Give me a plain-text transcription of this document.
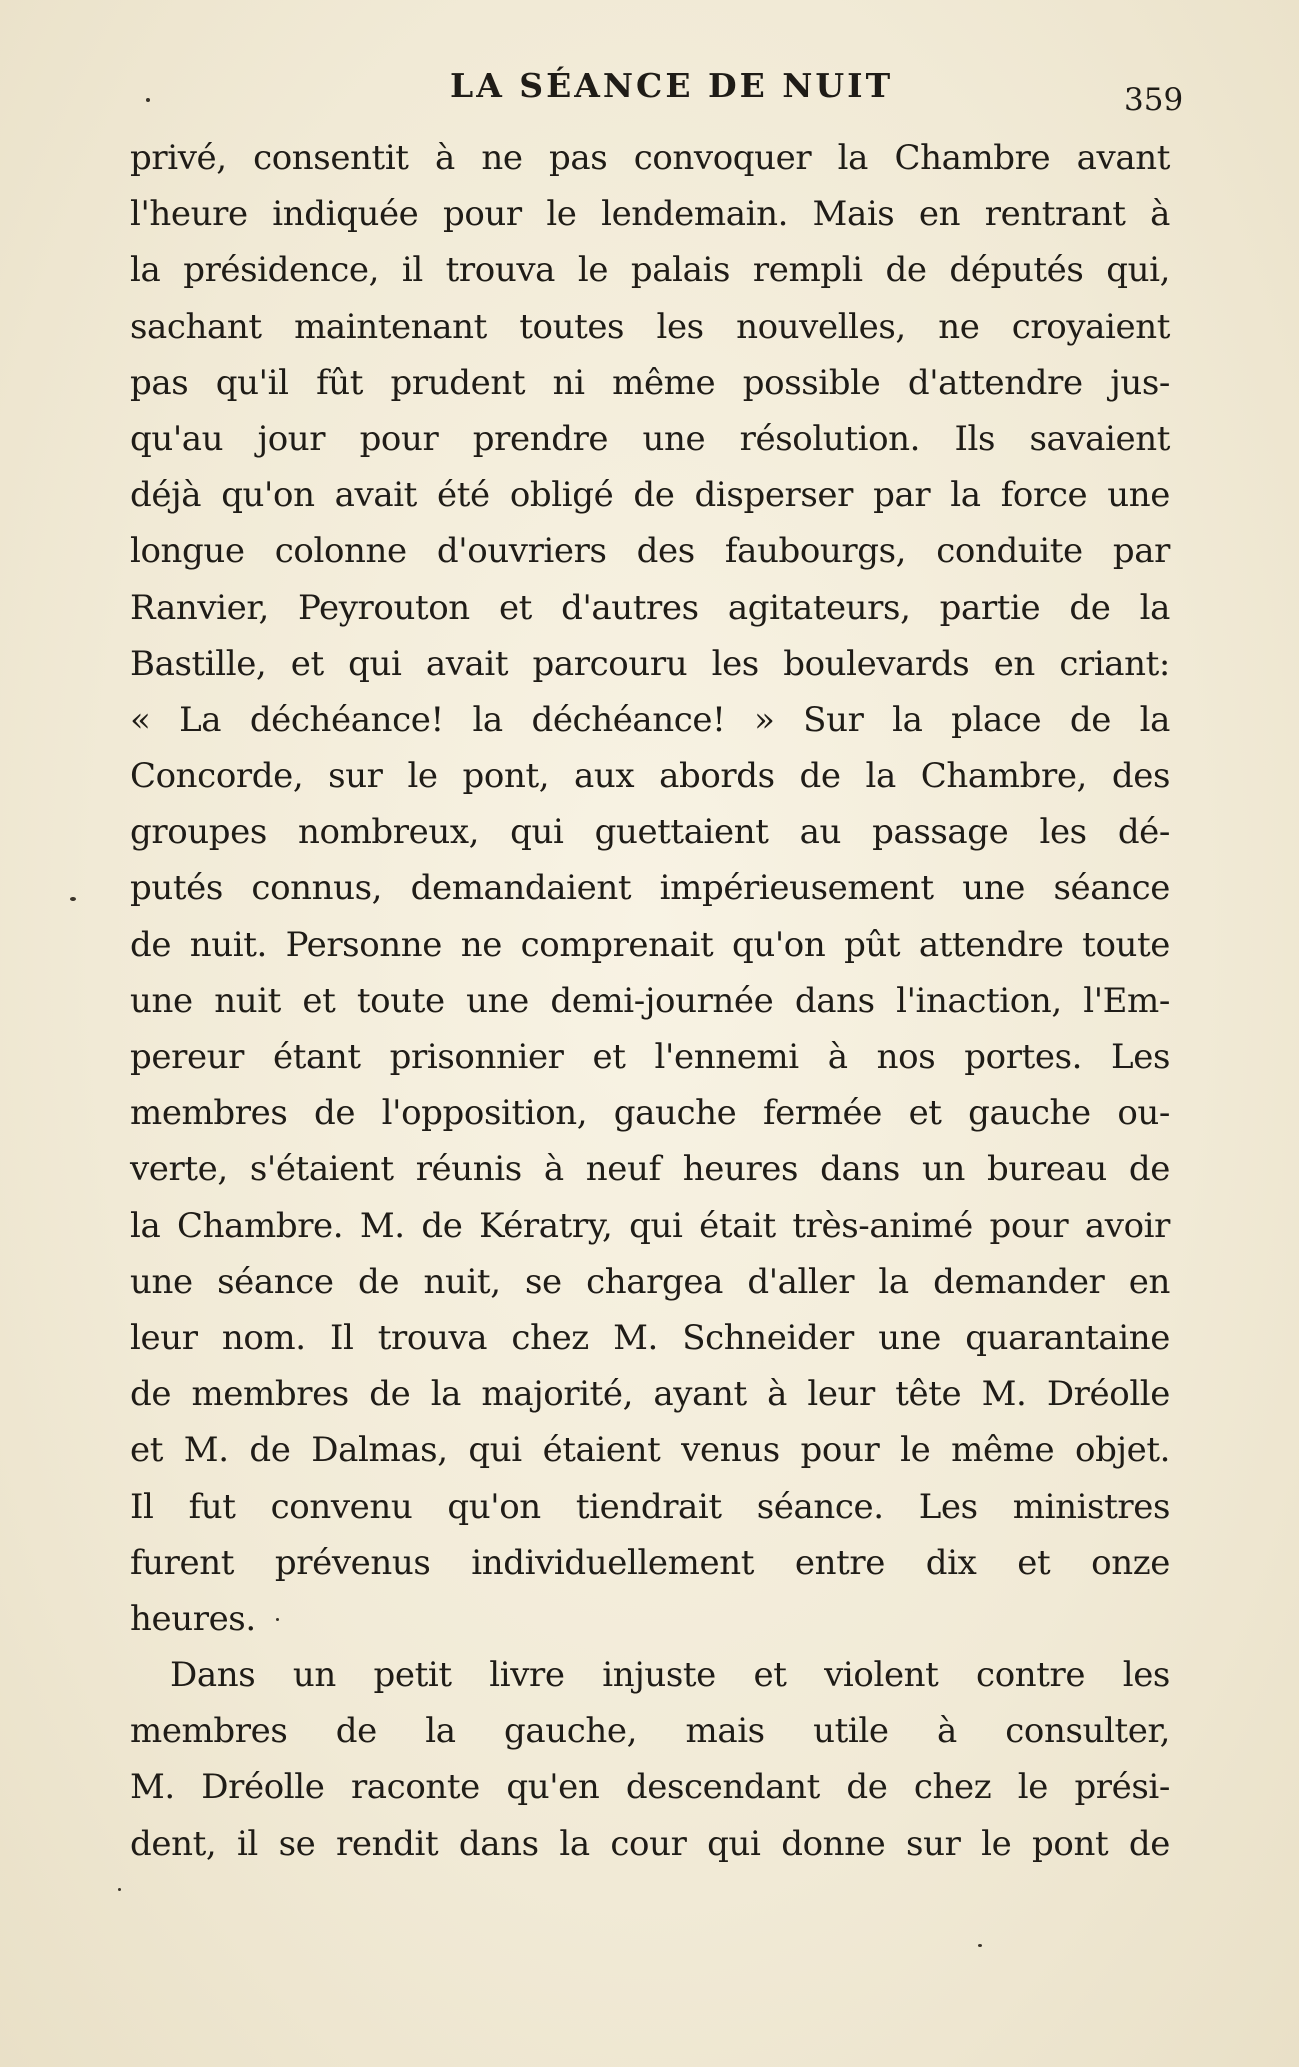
LA SÉANCE DE NUIT	359
privé, consentit à ne pas convoquer la Chambre avant
l'heure indiquée pour le lendemain. Mais en rentrant à
la présidence, il trouva le palais rempli de députés qui,
sachant maintenant toutes les nouvelles, ne croyaient
pas qu'il fût prudent ni même possible d'attendre jus-
qu'au jour pour prendre une résolution. Ils savaient
déjà qu'on avait été obligé de disperser par la force une
longue colonne d'ouvriers des faubourgs, conduite par
Ranvier, Peyrouton et d'autres agitateurs, partie de la
Bastille, et qui avait parcouru les boulevards en criant:
« La déchéance! la déchéance! » Sur la place de la
Concorde, sur le pont, aux abords de la Chambre, des
groupes nombreux, qui guettaient au passage les dé-
putés connus, demandaient impérieusement une séance
de nuit. Personne ne comprenait qu'on pût attendre toute
une nuit et toute une demi-journée dans l'inaction, l'Em-
pereur étant prisonnier et l'ennemi à nos portes. Les
membres de l'opposition, gauche fermée et gauche ou-
verte, s'étaient réunis à neuf heures dans un bureau de
la Chambre. M. de Kératry, qui était très-animé pour avoir
une séance de nuit, se chargea d'aller la demander en
leur nom. Il trouva chez M. Schneider une quarantaine
de membres de la majorité, ayant à leur tête M. Dréolle
et M. de Dalmas, qui étaient venus pour le même objet.
Il fut convenu qu'on tiendrait séance. Les ministres
furent prévenus individuellement entre dix et onze
heures.
Dans un petit livre injuste et violent contre les
membres de la gauche, mais utile à consulter,
M. Dréolle raconte qu'en descendant de chez le prési-
dent, il se rendit dans la cour qui donne sur le pont de
